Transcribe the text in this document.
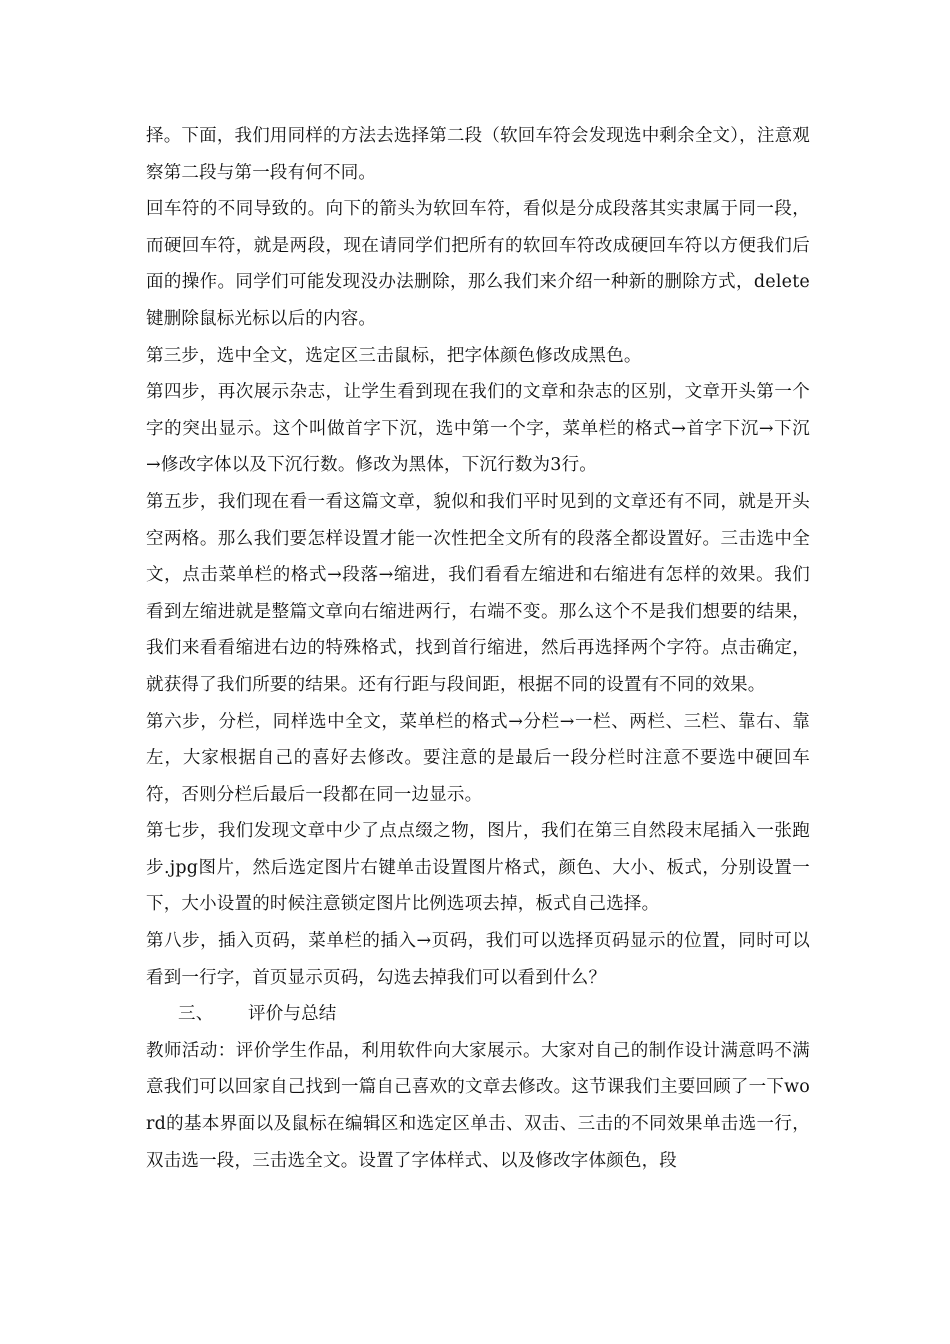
择。下面，我们用同样的方法去选择第二段（软回车符会发现选中剩余全文），注意观察第二段与第一段有何不同。

回车符的不同导致的。向下的箭头为软回车符，看似是分成段落其实隶属于同一段，而硬回车符，就是两段，现在请同学们把所有的软回车符改成硬回车符以方便我们后面的操作。同学们可能发现没办法删除，那么我们来介绍一种新的删除方式，delete键删除鼠标光标以后的内容。

第三步，选中全文，选定区三击鼠标，把字体颜色修改成黑色。

第四步，再次展示杂志，让学生看到现在我们的文章和杂志的区别，文章开头第一个字的突出显示。这个叫做首字下沉，选中第一个字，菜单栏的格式→首字下沉→下沉→修改字体以及下沉行数。修改为黑体，下沉行数为3行。

第五步，我们现在看一看这篇文章，貌似和我们平时见到的文章还有不同，就是开头空两格。那么我们要怎样设置才能一次性把全文所有的段落全都设置好。三击选中全文，点击菜单栏的格式→段落→缩进，我们看看左缩进和右缩进有怎样的效果。我们看到左缩进就是整篇文章向右缩进两行，右端不变。那么这个不是我们想要的结果，我们来看看缩进右边的特殊格式，找到首行缩进，然后再选择两个字符。点击确定，就获得了我们所要的结果。还有行距与段间距，根据不同的设置有不同的效果。

第六步，分栏，同样选中全文，菜单栏的格式→分栏→一栏、两栏、三栏、靠右、靠左，大家根据自己的喜好去修改。要注意的是最后一段分栏时注意不要选中硬回车符，否则分栏后最后一段都在同一边显示。

第七步，我们发现文章中少了点点缀之物，图片，我们在第三自然段末尾插入一张跑步.jpg图片，然后选定图片右键单击设置图片格式，颜色、大小、板式，分别设置一下，大小设置的时候注意锁定图片比例选项去掉，板式自己选择。

第八步，插入页码，菜单栏的插入→页码，我们可以选择页码显示的位置，同时可以看到一行字，首页显示页码，勾选去掉我们可以看到什么？

三、 评价与总结

教师活动：评价学生作品，利用软件向大家展示。大家对自己的制作设计满意吗不满意我们可以回家自己找到一篇自己喜欢的文章去修改。这节课我们主要回顾了一下word的基本界面以及鼠标在编辑区和选定区单击、双击、三击的不同效果单击选一行，双击选一段，三击选全文。设置了字体样式、以及修改字体颜色，段
